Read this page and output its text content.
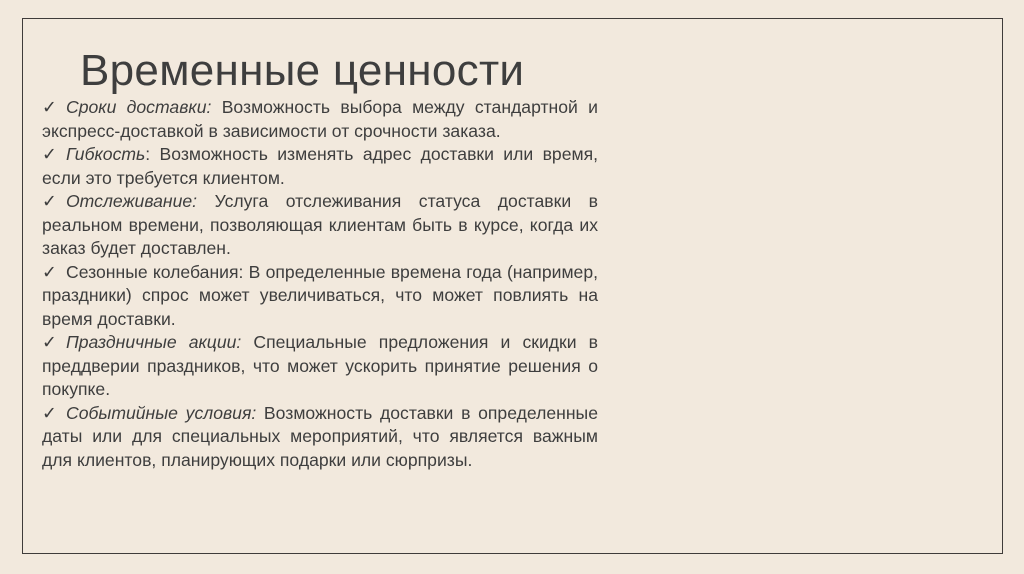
Временные ценности
✓ Сроки доставки: Возможность выбора между стандартной и экспресс-доставкой в зависимости от срочности заказа.
✓ Гибкость: Возможность изменять адрес доставки или время, если это требуется клиентом.
✓ Отслеживание: Услуга отслеживания статуса доставки в реальном времени, позволяющая клиентам быть в курсе, когда их заказ будет доставлен.
✓ Сезонные колебания: В определенные времена года (например, праздники) спрос может увеличиваться, что может повлиять на время доставки.
✓ Праздничные акции: Специальные предложения и скидки в преддверии праздников, что может ускорить принятие решения о покупке.
✓ Событийные условия: Возможность доставки в определенные даты или для специальных мероприятий, что является важным для клиентов, планирующих подарки или сюрпризы.
